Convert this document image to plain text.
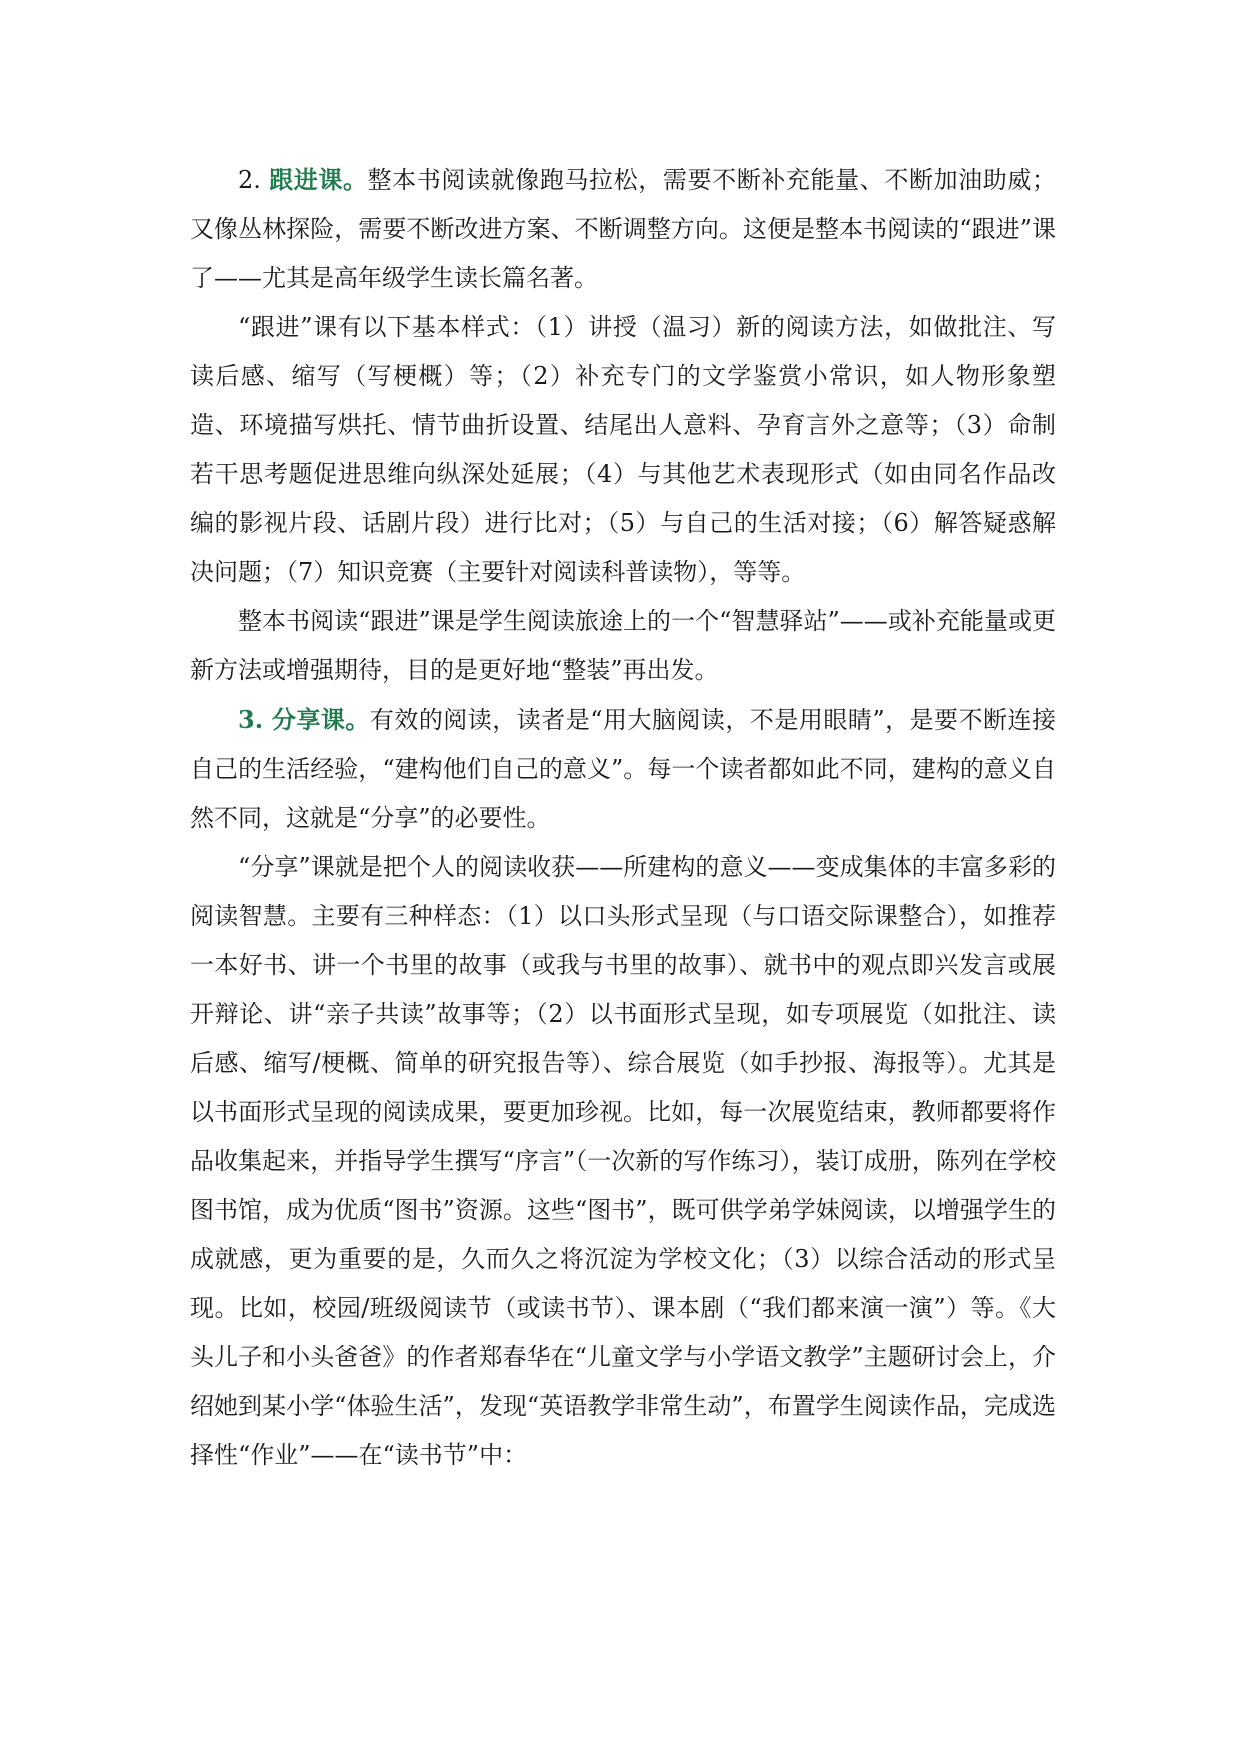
2. 跟进课。整本书阅读就像跑马拉松，需要不断补充能量、不断加油助威；又像丛林探险，需要不断改进方案、不断调整方向。这便是整本书阅读的“跟进”课了——尤其是高年级学生读长篇名著。

“跟进”课有以下基本样式：（1）讲授（温习）新的阅读方法，如做批注、写读后感、缩写（写梗概）等；（2）补充专门的文学鉴赏小常识，如人物形象塑造、环境描写烘托、情节曲折设置、结尾出人意料、孕育言外之意等；（3）命制若干思考题促进思维向纵深处延展；（4）与其他艺术表现形式（如由同名作品改编的影视片段、话剧片段）进行比对；（5）与自己的生活对接；（6）解答疑惑解决问题；（7）知识竞赛（主要针对阅读科普读物），等等。

整本书阅读“跟进”课是学生阅读旅途上的一个“智慧驿站”——或补充能量或更新方法或增强期待，目的是更好地“整装”再出发。

3. 分享课。有效的阅读，读者是“用大脑阅读，不是用眼睛”，是要不断连接自己的生活经验，“建构他们自己的意义”。每一个读者都如此不同，建构的意义自然不同，这就是“分享”的必要性。

“分享”课就是把个人的阅读收获——所建构的意义——变成集体的丰富多彩的阅读智慧。主要有三种样态：（1）以口头形式呈现（与口语交际课整合），如推荐一本好书、讲一个书里的故事（或我与书里的故事）、就书中的观点即兴发言或展开辩论、讲“亲子共读”故事等；（2）以书面形式呈现，如专项展览（如批注、读后感、缩写/梗概、简单的研究报告等）、综合展览（如手抄报、海报等）。尤其是以书面形式呈现的阅读成果，要更加珍视。比如，每一次展览结束，教师都要将作品收集起来，并指导学生撰写“序言”（一次新的写作练习），装订成册，陈列在学校图书馆，成为优质“图书”资源。这些“图书”，既可供学弟学妹阅读，以增强学生的成就感，更为重要的是，久而久之将沉淀为学校文化；（3）以综合活动的形式呈现。比如，校园/班级阅读节（或读书节）、课本剧（“我们都来演一演”）等。《大头儿子和小头爸爸》的作者郑春华在“儿童文学与小学语文教学”主题研讨会上，介绍她到某小学“体验生活”，发现“英语教学非常生动”，布置学生阅读作品，完成选择性“作业”——在“读书节”中：
